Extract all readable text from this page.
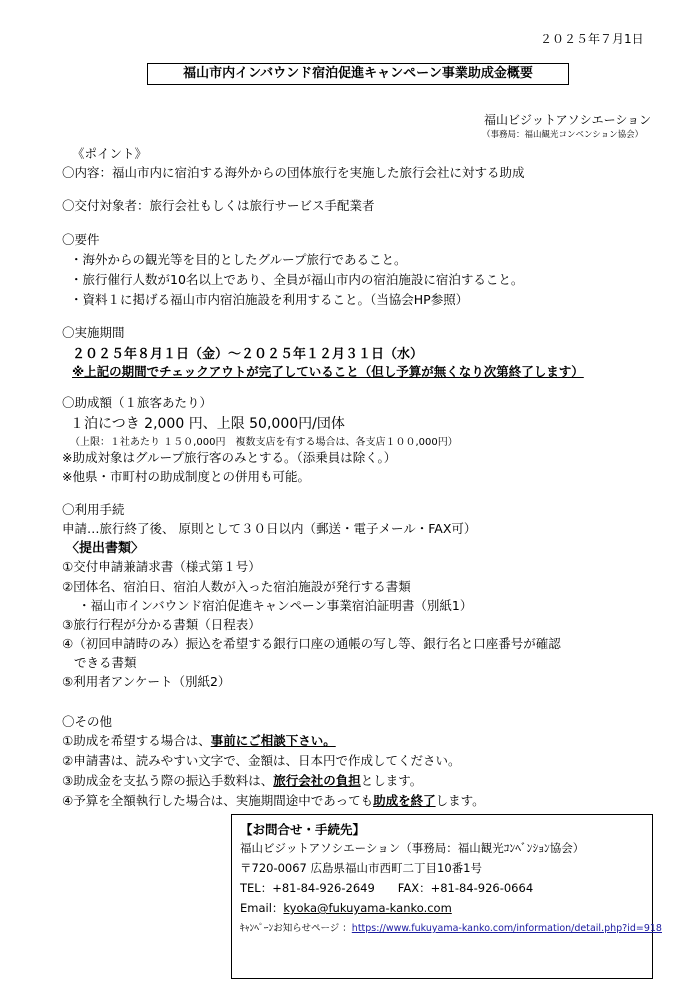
２０２５年７月1日
福山市内インバウンド宿泊促進キャンペーン事業助成金概要
福山ビジットアソシエーション
（事務局：福山観光コンベンション協会）
《ポイント》
〇内容：福山市内に宿泊する海外からの団体旅行を実施した旅行会社に対する助成
〇交付対象者：旅行会社もしくは旅行サービス手配業者
〇要件
・海外からの観光等を目的としたグループ旅行であること。
・旅行催行人数が10名以上であり、全員が福山市内の宿泊施設に宿泊すること。
・資料１に掲げる福山市内宿泊施設を利用すること。（当協会HP参照）
〇実施期間
２０２５年８月１日（金）～２０２５年１２月３１日（水）
※上記の期間でチェックアウトが完了していること（但し予算が無くなり次第終了します）
〇助成額（１旅客あたり）
１泊につき 2,000 円、上限 50,000円/団体
（上限：１社あたり １５０,000円　複数支店を有する場合は、各支店１００,000円）
※助成対象はグループ旅行客のみとする。（添乗員は除く。）
※他県・市町村の助成制度との併用も可能。
〇利用手続
申請…旅行終了後、 原則として３０日以内（郵送・電子メール・FAX可）
〈提出書類〉
①交付申請兼請求書（様式第１号）
②団体名、宿泊日、宿泊人数が入った宿泊施設が発行する書類
・福山市インバウンド宿泊促進キャンペーン事業宿泊証明書（別紙1）
③旅行行程が分かる書類（日程表）
④（初回申請時のみ）振込を希望する銀行口座の通帳の写し等、銀行名と口座番号が確認
できる書類
⑤利用者アンケート（別紙2）
〇その他
①助成を希望する場合は、事前にご相談下さい。
②申請書は、読みやすい文字で、金額は、日本円で作成してください。
③助成金を支払う際の振込手数料は、旅行会社の負担とします。
④予算を全額執行した場合は、実施期間途中であっても助成を終了します。
【お問合せ・手続先】
福山ビジットアソシエーション（事務局：福山観光ｺﾝﾍﾞﾝｼｮﾝ協会）
〒720-0067 広島県福山市西町二丁目10番1号
TEL：+81-84-926-2649　　FAX：+81-84-926-0664
Email：kyoka@fukuyama-kanko.com
ｷｬﾝﾍﾟｰﾝお知らせページ ：https://www.fukuyama-kanko.com/information/detail.php?id=918
